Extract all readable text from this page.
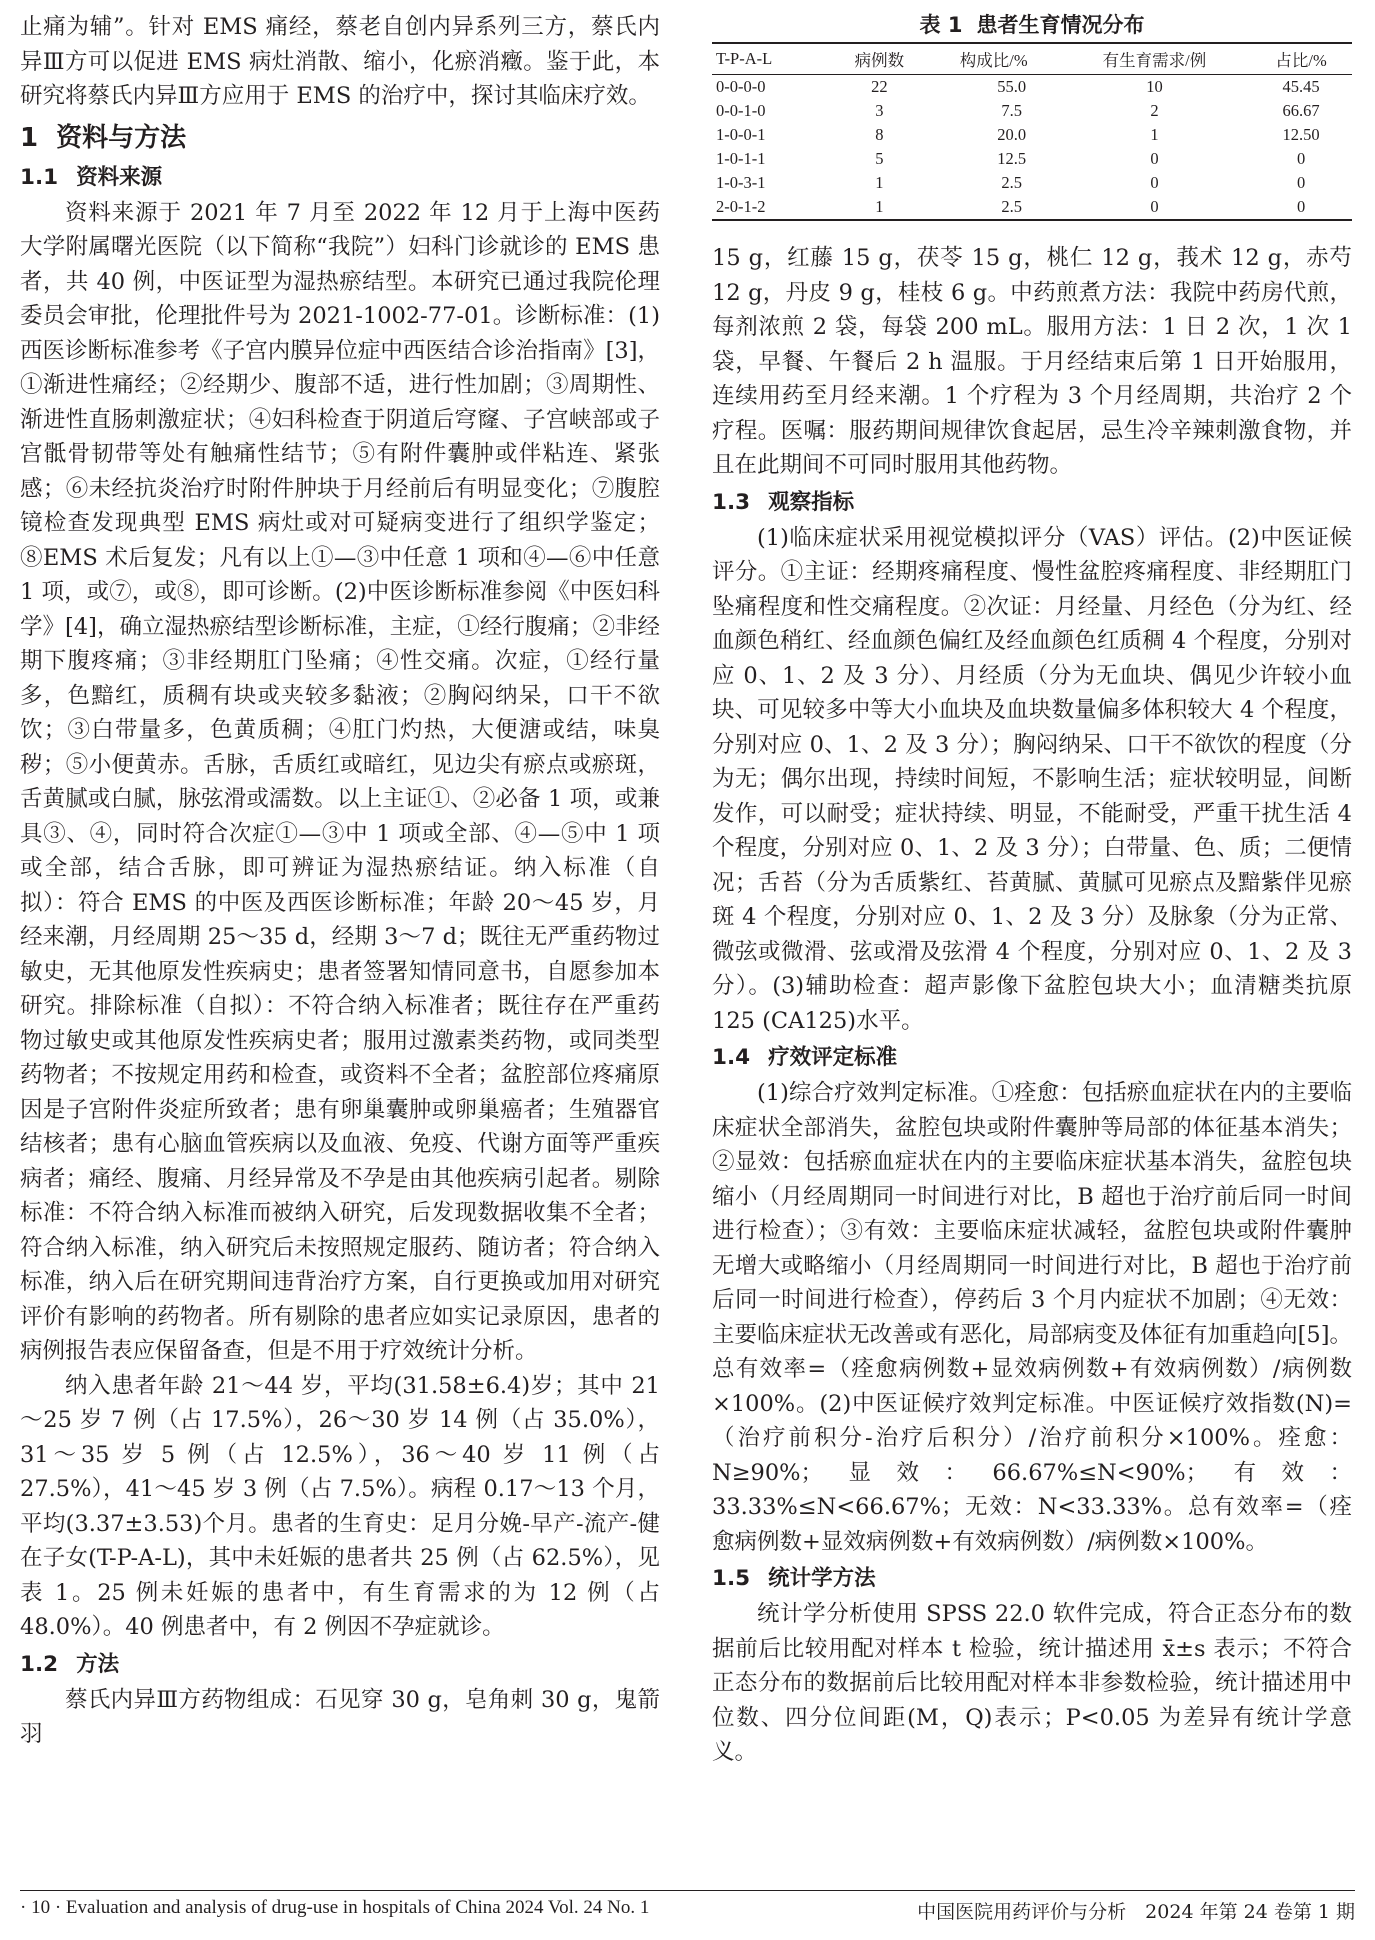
止痛为辅”。针对 EMS 痛经，蔡老自创内异系列三方，蔡氏内异Ⅲ方可以促进 EMS 病灶消散、缩小，化瘀消癥。鉴于此，本研究将蔡氏内异Ⅲ方应用于 EMS 的治疗中，探讨其临床疗效。

1 资料与方法
1.1 资料来源

资料来源于 2021 年 7 月至 2022 年 12 月于上海中医药大学附属曙光医院（以下简称“我院”）妇科门诊就诊的 EMS 患者，共 40 例，中医证型为湿热瘀结型。本研究已通过我院伦理委员会审批，伦理批件号为 2021-1002-77-01。诊断标准：(1)西医诊断标准参考《子宫内膜异位症中西医结合诊治指南》[3]，①渐进性痛经；②经期少、腹部不适，进行性加剧；③周期性、渐进性直肠刺激症状；④妇科检查于阴道后穹窿、子宫峡部或子宫骶骨韧带等处有触痛性结节；⑤有附件囊肿或伴粘连、紧张感；⑥未经抗炎治疗时附件肿块于月经前后有明显变化；⑦腹腔镜检查发现典型 EMS 病灶或对可疑病变进行了组织学鉴定；⑧EMS 术后复发；凡有以上①—③中任意 1 项和④—⑥中任意 1 项，或⑦，或⑧，即可诊断。(2)中医诊断标准参阅《中医妇科学》[4]，确立湿热瘀结型诊断标准，主症，①经行腹痛；②非经期下腹疼痛；③非经期肛门坠痛；④性交痛。次症，①经行量多，色黯红，质稠有块或夹较多黏液；②胸闷纳呆，口干不欲饮；③白带量多，色黄质稠；④肛门灼热，大便溏或结，味臭秽；⑤小便黄赤。舌脉，舌质红或暗红，见边尖有瘀点或瘀斑，舌黄腻或白腻，脉弦滑或濡数。以上主证①、②必备 1 项，或兼具③、④，同时符合次症①—③中 1 项或全部、④—⑤中 1 项或全部，结合舌脉，即可辨证为湿热瘀结证。纳入标准（自拟）：符合 EMS 的中医及西医诊断标准；年龄 20～45 岁，月经来潮，月经周期 25～35 d，经期 3～7 d；既往无严重药物过敏史，无其他原发性疾病史；患者签署知情同意书，自愿参加本研究。排除标准（自拟）：不符合纳入标准者；既往存在严重药物过敏史或其他原发性疾病史者；服用过激素类药物，或同类型药物者；不按规定用药和检查，或资料不全者；盆腔部位疼痛原因是子宫附件炎症所致者；患有卵巢囊肿或卵巢癌者；生殖器官结核者；患有心脑血管疾病以及血液、免疫、代谢方面等严重疾病者；痛经、腹痛、月经异常及不孕是由其他疾病引起者。剔除标准：不符合纳入标准而被纳入研究，后发现数据收集不全者；符合纳入标准，纳入研究后未按照规定服药、随访者；符合纳入标准，纳入后在研究期间违背治疗方案，自行更换或加用对研究评价有影响的药物者。所有剔除的患者应如实记录原因，患者的病例报告表应保留备查，但是不用于疗效统计分析。

纳入患者年龄 21～44 岁，平均(31.58±6.4)岁；其中 21～25 岁 7 例（占 17.5%），26～30 岁 14 例（占 35.0%），31～35 岁 5 例（占 12.5%），36～40 岁 11 例（占 27.5%），41～45 岁 3 例（占 7.5%）。病程 0.17～13 个月，平均(3.37±3.53)个月。患者的生育史：足月分娩-早产-流产-健在子女(T-P-A-L)，其中未妊娠的患者共 25 例（占 62.5%），见表 1。25 例未妊娠的患者中，有生育需求的为 12 例（占 48.0%）。40 例患者中，有 2 例因不孕症就诊。

1.2 方法

蔡氏内异Ⅲ方药物组成：石见穿 30 g，皂角刺 30 g，鬼箭羽

表 1 患者生育情况分布
T-P-A-L	病例数	构成比/%	有生育需求/例	占比/%
0-0-0-0	22	55.0	10	45.45
0-0-1-0	3	7.5	2	66.67
1-0-0-1	8	20.0	1	12.50
1-0-1-1	5	12.5	0	0
1-0-3-1	1	2.5	0	0
2-0-1-2	1	2.5	0	0

15 g，红藤 15 g，茯苓 15 g，桃仁 12 g，莪术 12 g，赤芍 12 g，丹皮 9 g，桂枝 6 g。中药煎煮方法：我院中药房代煎，每剂浓煎 2 袋，每袋 200 mL。服用方法：1 日 2 次，1 次 1 袋，早餐、午餐后 2 h 温服。于月经结束后第 1 日开始服用，连续用药至月经来潮。1 个疗程为 3 个月经周期，共治疗 2 个疗程。医嘱：服药期间规律饮食起居，忌生冷辛辣刺激食物，并且在此期间不可同时服用其他药物。

1.3 观察指标

(1)临床症状采用视觉模拟评分（VAS）评估。(2)中医证候评分。①主证：经期疼痛程度、慢性盆腔疼痛程度、非经期肛门坠痛程度和性交痛程度。②次证：月经量、月经色（分为红、经血颜色稍红、经血颜色偏红及经血颜色红质稠 4 个程度，分别对应 0、1、2 及 3 分）、月经质（分为无血块、偶见少许较小血块、可见较多中等大小血块及血块数量偏多体积较大 4 个程度，分别对应 0、1、2 及 3 分）；胸闷纳呆、口干不欲饮的程度（分为无；偶尔出现，持续时间短，不影响生活；症状较明显，间断发作，可以耐受；症状持续、明显，不能耐受，严重干扰生活 4 个程度，分别对应 0、1、2 及 3 分）；白带量、色、质；二便情况；舌苔（分为舌质紫红、苔黄腻、黄腻可见瘀点及黯紫伴见瘀斑 4 个程度，分别对应 0、1、2 及 3 分）及脉象（分为正常、微弦或微滑、弦或滑及弦滑 4 个程度，分别对应 0、1、2 及 3 分）。(3)辅助检查：超声影像下盆腔包块大小；血清糖类抗原 125 (CA125)水平。

1.4 疗效评定标准

(1)综合疗效判定标准。①痊愈：包括瘀血症状在内的主要临床症状全部消失，盆腔包块或附件囊肿等局部的体征基本消失；②显效：包括瘀血症状在内的主要临床症状基本消失，盆腔包块缩小（月经周期同一时间进行对比，B 超也于治疗前后同一时间进行检查）；③有效：主要临床症状减轻，盆腔包块或附件囊肿无增大或略缩小（月经周期同一时间进行对比，B 超也于治疗前后同一时间进行检查），停药后 3 个月内症状不加剧；④无效：主要临床症状无改善或有恶化，局部病变及体征有加重趋向[5]。总有效率=（痊愈病例数+显效病例数+有效病例数）/病例数×100%。(2)中医证候疗效判定标准。中医证候疗效指数(N)=（治疗前积分-治疗后积分）/治疗前积分×100%。痊愈：N≥90%；显效：66.67%≤N<90%；有效：33.33%≤N<66.67%；无效：N<33.33%。总有效率=（痊愈病例数+显效病例数+有效病例数）/病例数×100%。

1.5 统计学方法

统计学分析使用 SPSS 22.0 软件完成，符合正态分布的数据前后比较用配对样本 t 检验，统计描述用 x̄±s 表示；不符合正态分布的数据前后比较用配对样本非参数检验，统计描述用中位数、四分位间距(M，Q)表示；P<0.05 为差异有统计学意义。

· 10 · Evaluation and analysis of drug-use in hospitals of China 2024 Vol. 24 No. 1	中国医院用药评价与分析　2024 年第 24 卷第 1 期
